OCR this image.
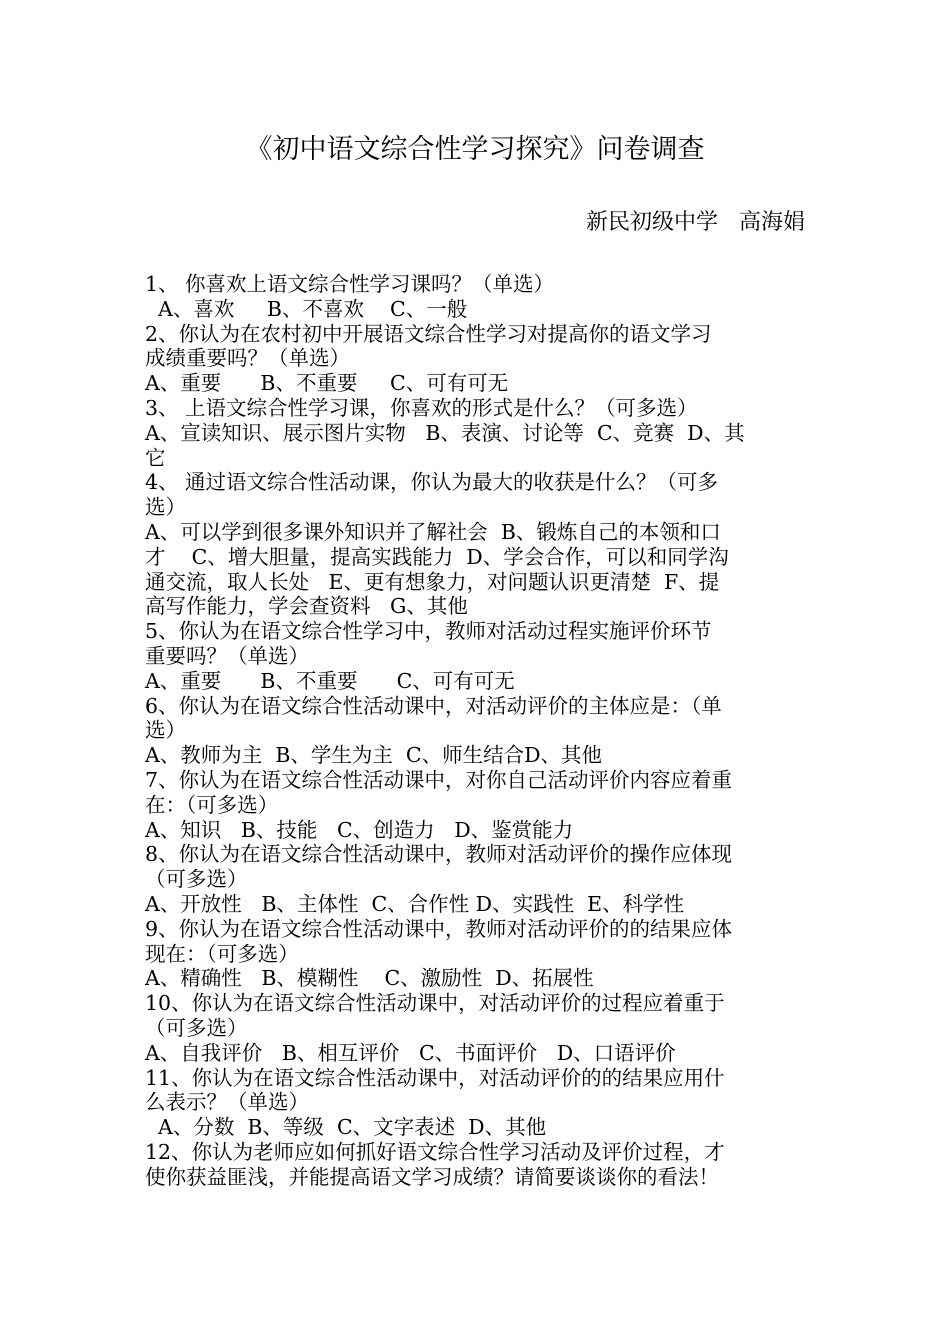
《初中语文综合性学习探究》问卷调查
新民初级中学   高海娟
1、 你喜欢上语文综合性学习课吗？（单选）
A、喜欢     B、不喜欢    C、一般
2、你认为在农村初中开展语文综合性学习对提高你的语文学习
成绩重要吗？（单选）
A、重要      B、不重要     C、可有可无
3、 上语文综合性学习课，你喜欢的形式是什么？（可多选）
A、宣读知识、展示图片实物   B、表演、讨论等  C、竞赛  D、其
它
4、 通过语文综合性活动课，你认为最大的收获是什么？（可多
选）
A、可以学到很多课外知识并了解社会  B、锻炼自己的本领和口
才    C、增大胆量，提高实践能力  D、学会合作，可以和同学沟
通交流，取人长处   E、更有想象力，对问题认识更清楚  F、提
高写作能力，学会查资料   G、其他
5、你认为在语文综合性学习中，教师对活动过程实施评价环节
重要吗？（单选）
A、重要      B、不重要      C、可有可无
6、你认为在语文综合性活动课中，对活动评价的主体应是：（单
选）
A、教师为主  B、学生为主  C、师生结合D、其他
7、你认为在语文综合性活动课中，对你自己活动评价内容应着重
在：（可多选）
A、知识   B、技能   C、创造力   D、鉴赏能力
8、你认为在语文综合性活动课中，教师对活动评价的操作应体现
（可多选）
A、开放性   B、主体性  C、合作性 D、实践性  E、科学性
9、你认为在语文综合性活动课中，教师对活动评价的的结果应体
现在：（可多选）
A、精确性   B、模糊性    C、激励性  D、拓展性
10、你认为在语文综合性活动课中，对活动评价的过程应着重于
（可多选）
A、自我评价   B、相互评价   C、书面评价   D、口语评价
11、你认为在语文综合性活动课中，对活动评价的的结果应用什
么表示？（单选）
A、分数  B、等级  C、文字表述  D、其他
12、你认为老师应如何抓好语文综合性学习活动及评价过程，才
使你获益匪浅，并能提高语文学习成绩？请简要谈谈你的看法！
